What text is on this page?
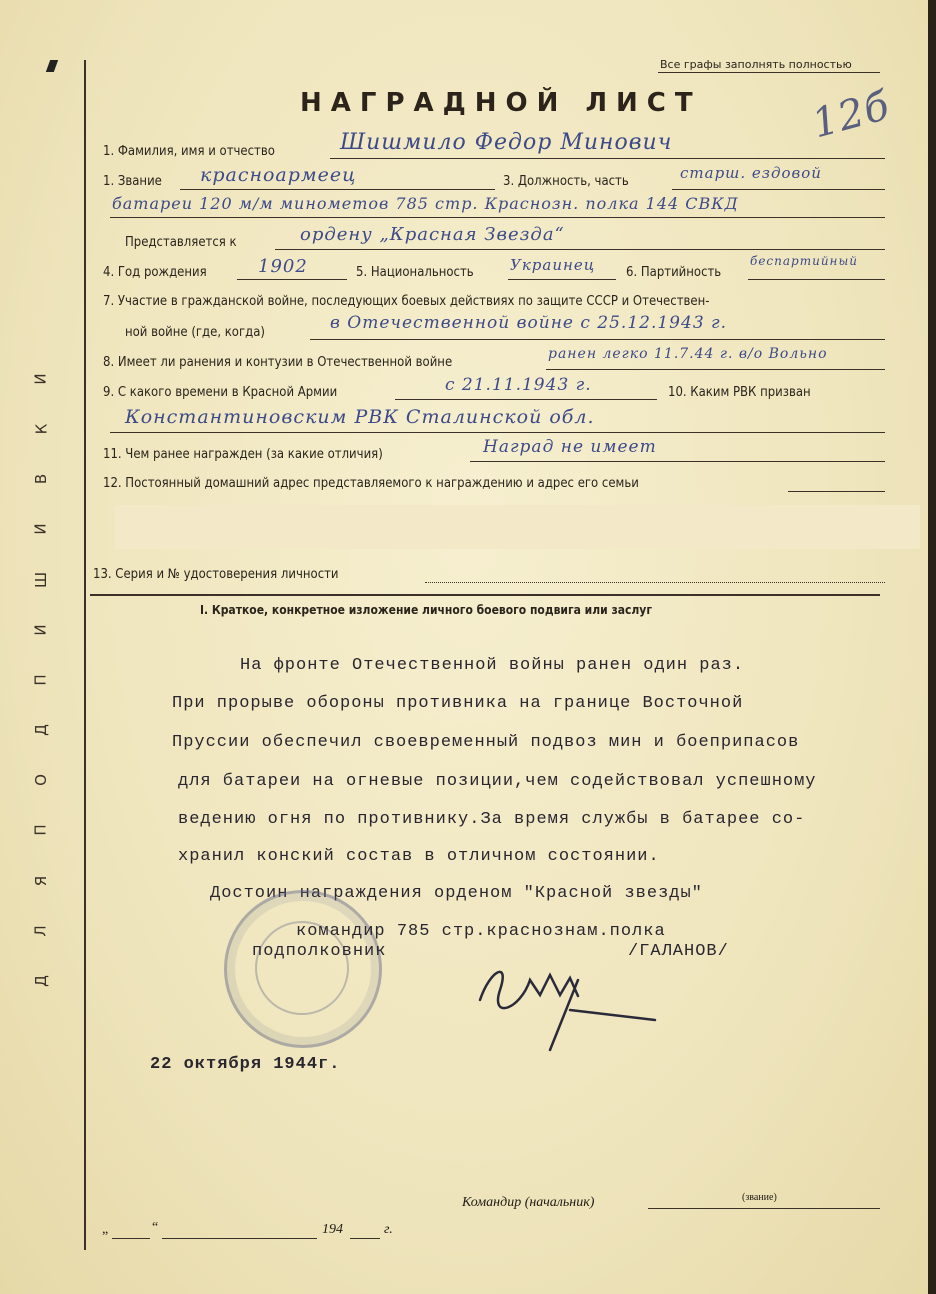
И
К
В
И
Ш
И
П
Д
О
П
Я
Л
Д
Все графы заполнять полностью
НАГРАДНОЙ ЛИСТ	12б
1. Фамилия, имя и отчество	Шишмило Федор Минович
1. Звание красноармеец	3. Должность, часть	старш. ездовой
батареи 120 м/м минометов 785 стр. Краснозн. полка 144 СВКД
Представляется к	ордену „Красная Звезда“
4. Год рождения	1902	5. Национальность Украинец 6. Партийность
беспартийный
7. Участие в гражданской войне, последующих боевых действиях по защите СССР и Отечествен-
ной войне (где, когда)	в Отечественной войне с 25.12.1943 г.
8. Имеет ли ранения и контузии в Отечественной войне
ранен легко 11.7.44 г. в/о Вольно
9. С какого времени в Красной Армии	с 21.11.1943 г.	10. Каким РВК призван
Константиновским РВК Сталинской обл.
11. Чем ранее награжден (за какие отличия)	Наград не имеет
12. Постоянный домашний адрес представляемого к награждению и адрес его семьи
13. Серия и № удостоверения личности
I. Краткое, конкретное изложение личного боевого подвига или заслуг
На фронте Отечественной войны ранен один раз.
При прорыве обороны противника на границе Восточной
Пруссии обеспечил своевременный подвоз мин и боеприпасов
для батареи на огневые позиции,чем содействовал успешному
ведению огня по противнику.За время службы в батарее со-
хранил конский состав в отличном состоянии.
Достоин награждения орденом "Красной звезды"
командир 785 стр.краснознам.полка
подполковник	/ГАЛАНОВ/
22 октября 1944г.
Командир (начальник)	(звание)
„	“	194	г.
